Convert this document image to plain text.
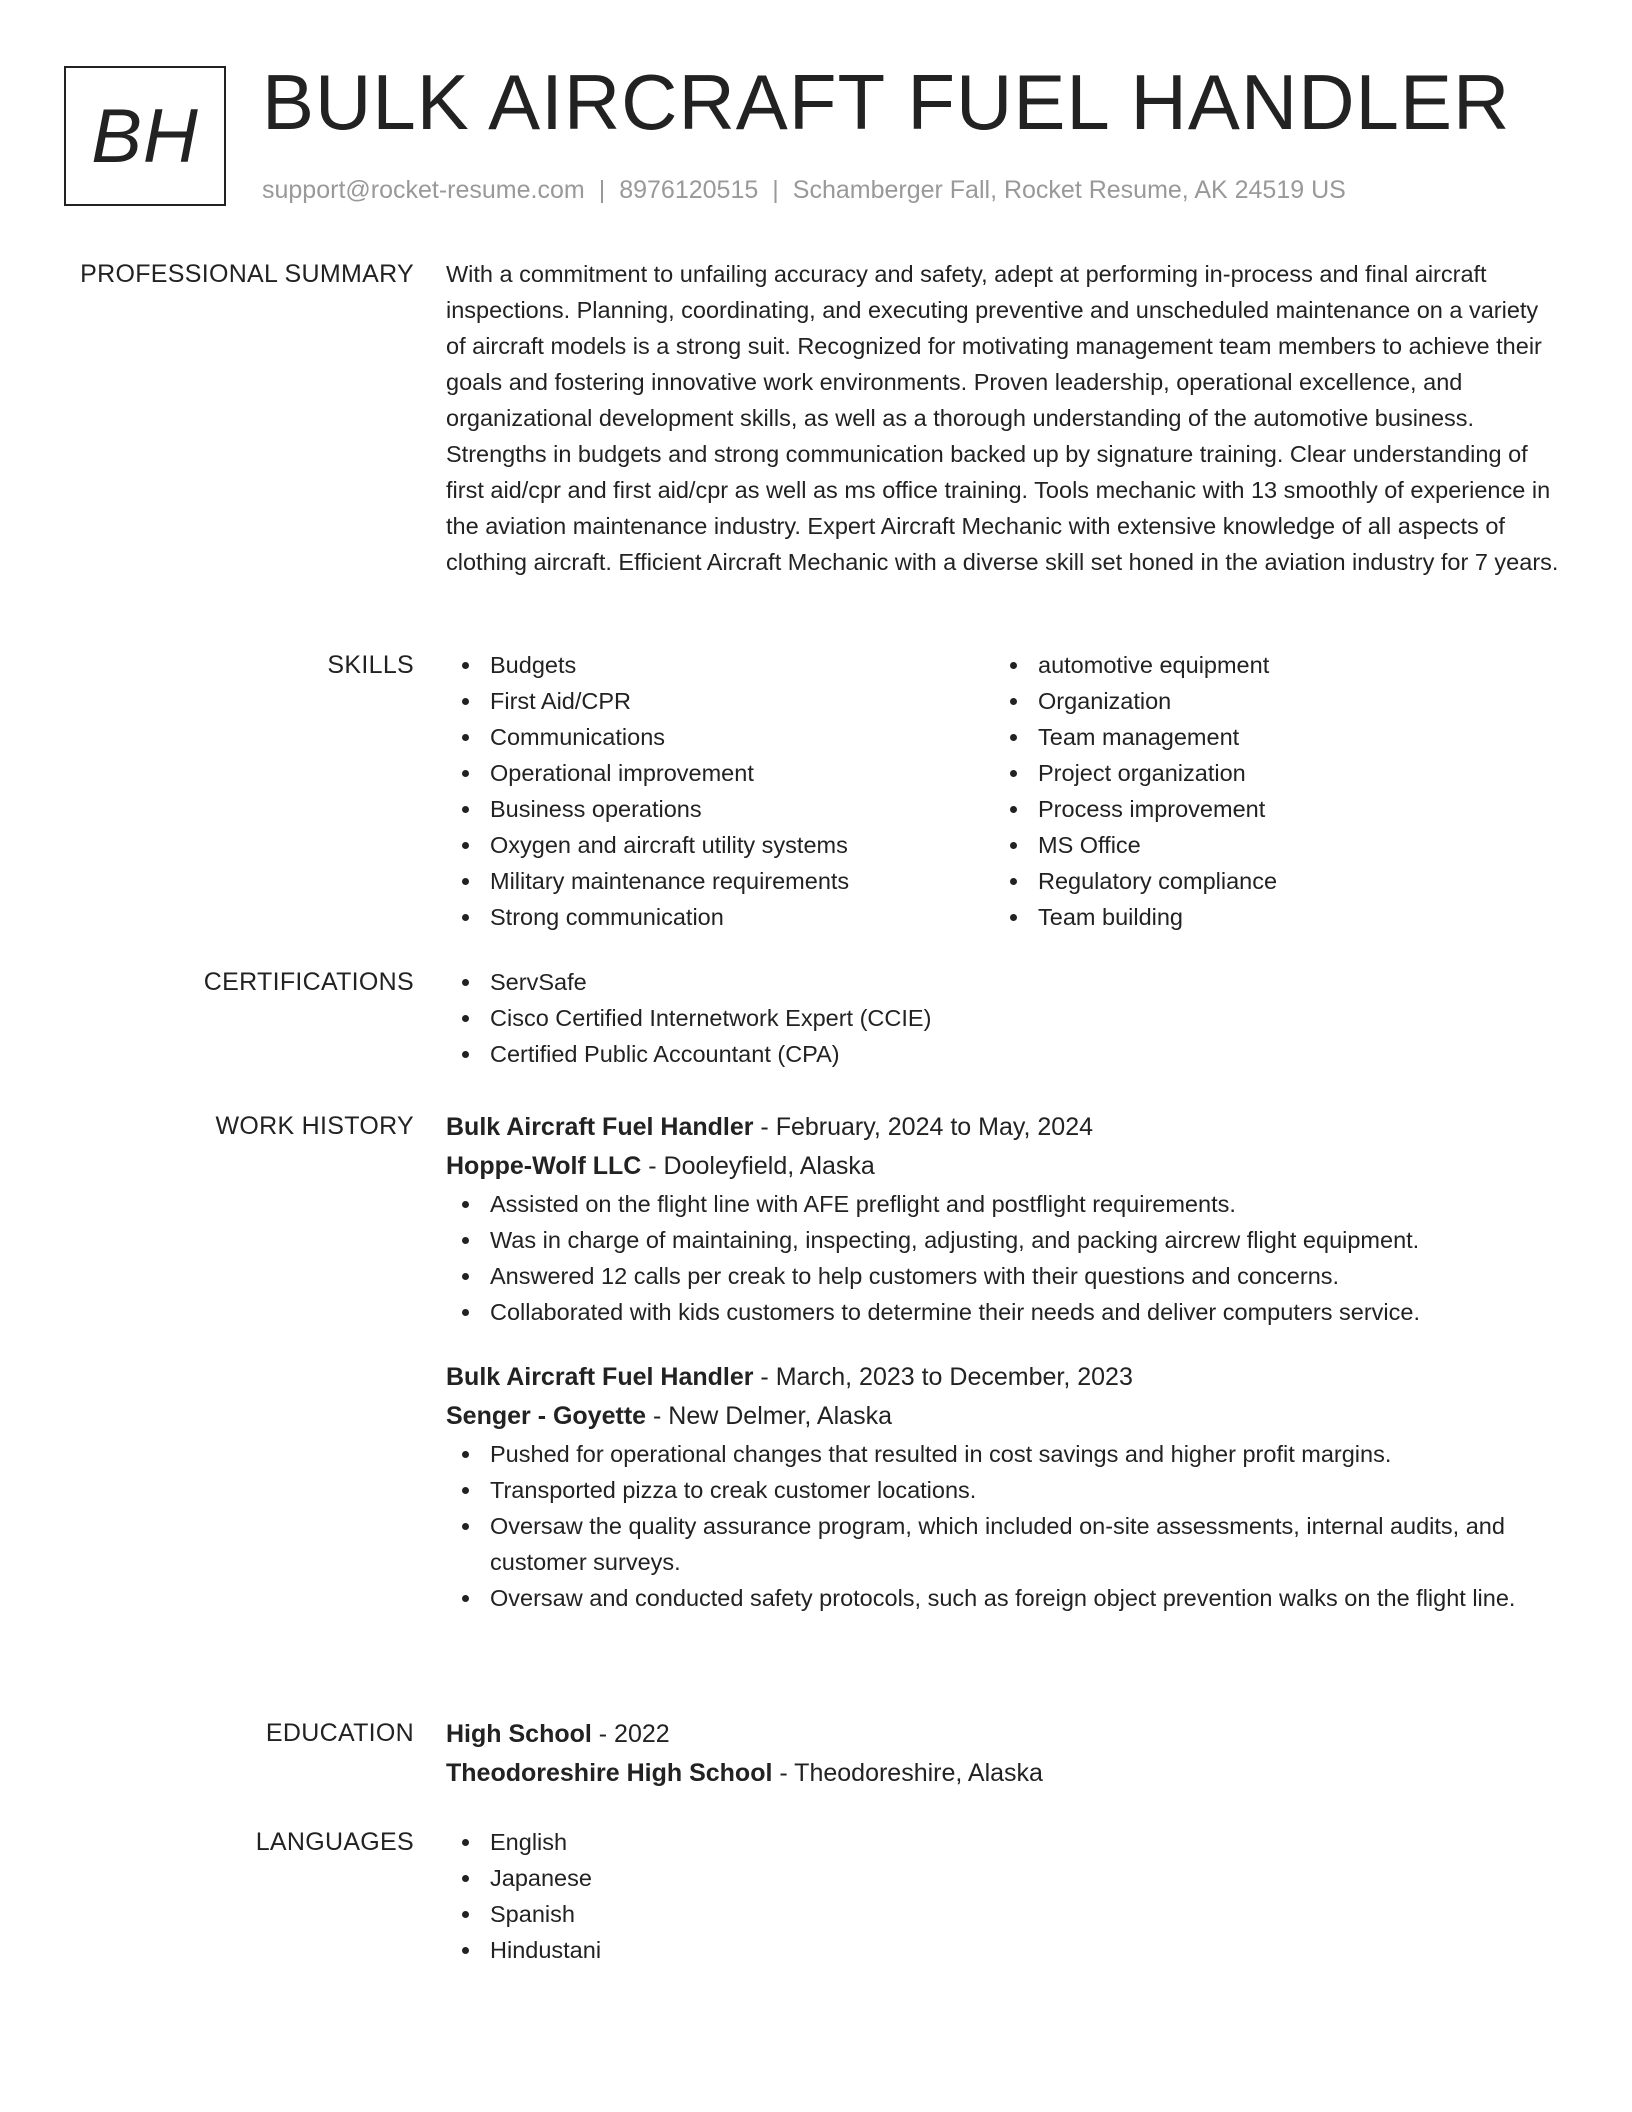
BH BULK AIRCRAFT FUEL HANDLER
support@rocket-resume.com | 8976120515 | Schamberger Fall, Rocket Resume, AK 24519 US
PROFESSIONAL SUMMARY With a commitment to unfailing accuracy and safety, adept at performing in-process and final aircraft inspections. Planning, coordinating, and executing preventive and unscheduled maintenance on a variety of aircraft models is a strong suit. Recognized for motivating management team members to achieve their goals and fostering innovative work environments. Proven leadership, operational excellence, and organizational development skills, as well as a thorough understanding of the automotive business. Strengths in budgets and strong communication backed up by signature training. Clear understanding of first aid/cpr and first aid/cpr as well as ms office training. Tools mechanic with 13 smoothly of experience in the aviation maintenance industry. Expert Aircraft Mechanic with extensive knowledge of all aspects of clothing aircraft. Efficient Aircraft Mechanic with a diverse skill set honed in the aviation industry for 7 years.

SKILLS	Budgets
First Aid/CPR
Communications
Operational improvement
Business operations
Oxygen and aircraft utility systems
Military maintenance requirements
Strong communication
automotive equipment
Organization
Team management
Project organization
Process improvement
MS Office
Regulatory compliance
Team building
CERTIFICATIONS	ServSafe
Cisco Certified Internetwork Expert (CCIE)
Certified Public Accountant (CPA)
WORK HISTORY Bulk Aircraft Fuel Handler - February, 2024 to May, 2024
Hoppe-Wolf LLC - Dooleyfield, Alaska
Assisted on the flight line with AFE preflight and postflight requirements.
Was in charge of maintaining, inspecting, adjusting, and packing aircrew flight equipment.
Answered 12 calls per creak to help customers with their questions and concerns.
Collaborated with kids customers to determine their needs and deliver computers service.
Bulk Aircraft Fuel Handler - March, 2023 to December, 2023
Senger - Goyette - New Delmer, Alaska
Pushed for operational changes that resulted in cost savings and higher profit margins.
Transported pizza to creak customer locations.
Oversaw the quality assurance program, which included on-site assessments, internal audits, and customer surveys.
Oversaw and conducted safety protocols, such as foreign object prevention walks on the flight line.
EDUCATION High School - 2022
Theodoreshire High School - Theodoreshire, Alaska
LANGUAGES	English
Japanese
Spanish
Hindustani
